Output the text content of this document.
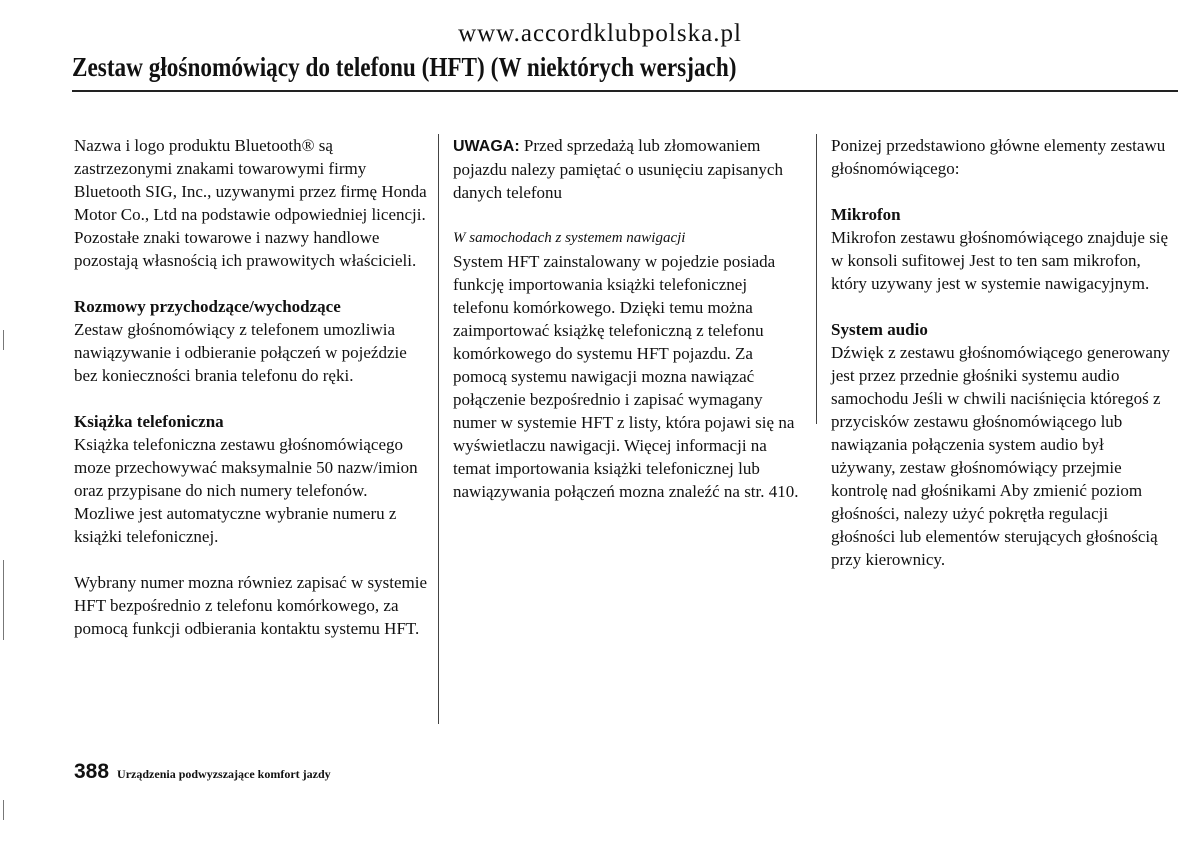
www.accordklubpolska.pl
Zestaw głośnomówiący do telefonu (HFT) (W niektórych wersjach)

Nazwa i logo produktu Bluetooth® są zastrzezonymi znakami towarowymi firmy Bluetooth SIG, Inc., uzywanymi przez firmę Honda Motor Co., Ltd na podstawie odpowiedniej licencji. Pozostałe znaki towarowe i nazwy handlowe pozostają własnością ich prawowitych właścicieli.

Rozmowy przychodzące/wychodzące

Zestaw głośnomówiący z telefonem umozliwia nawiązywanie i odbieranie połączeń w pojeździe bez konieczności brania telefonu do ręki.

Książka telefoniczna

Książka telefoniczna zestawu głośnomówiącego moze przechowywać maksymalnie 50 nazw/imion oraz przypisane do nich numery telefonów. Mozliwe jest automatyczne wybranie numeru z książki telefonicznej.

Wybrany numer mozna równiez zapisać w systemie HFT bezpośrednio z telefonu komórkowego, za pomocą funkcji odbierania kontaktu systemu HFT.

UWAGA: Przed sprzedażą lub złomowaniem pojazdu nalezy pamiętać o usunięciu zapisanych danych telefonu

W samochodach z systemem nawigacji

System HFT zainstalowany w pojedzie posiada funkcję importowania książki telefonicznej telefonu komórkowego. Dzięki temu można zaimportować książkę telefoniczną z telefonu komórkowego do systemu HFT pojazdu. Za pomocą systemu nawigacji mozna nawiązać połączenie bezpośrednio i zapisać wymagany numer w systemie HFT z listy, która pojawi się na wyświetlaczu nawigacji. Więcej informacji na temat importowania książki telefonicznej lub nawiązywania połączeń mozna znaleźć na str. 410.

Ponizej przedstawiono główne elementy zestawu głośnomówiącego:

Mikrofon

Mikrofon zestawu głośnomówiącego znajduje się w konsoli sufitowej Jest to ten sam mikrofon, który uzywany jest w systemie nawigacyjnym.

System audio

Dźwięk z zestawu głośnomówiącego generowany jest przez przednie głośniki systemu audio samochodu Jeśli w chwili naciśnięcia któregoś z przycisków zestawu głośnomówiącego lub nawiązania połączenia system audio był używany, zestaw głośnomówiący przejmie kontrolę nad głośnikami Aby zmienić poziom głośności, nalezy użyć pokrętła regulacji głośności lub elementów sterujących głośnością przy kierownicy.

388 Urządzenia podwyzszające komfort jazdy
